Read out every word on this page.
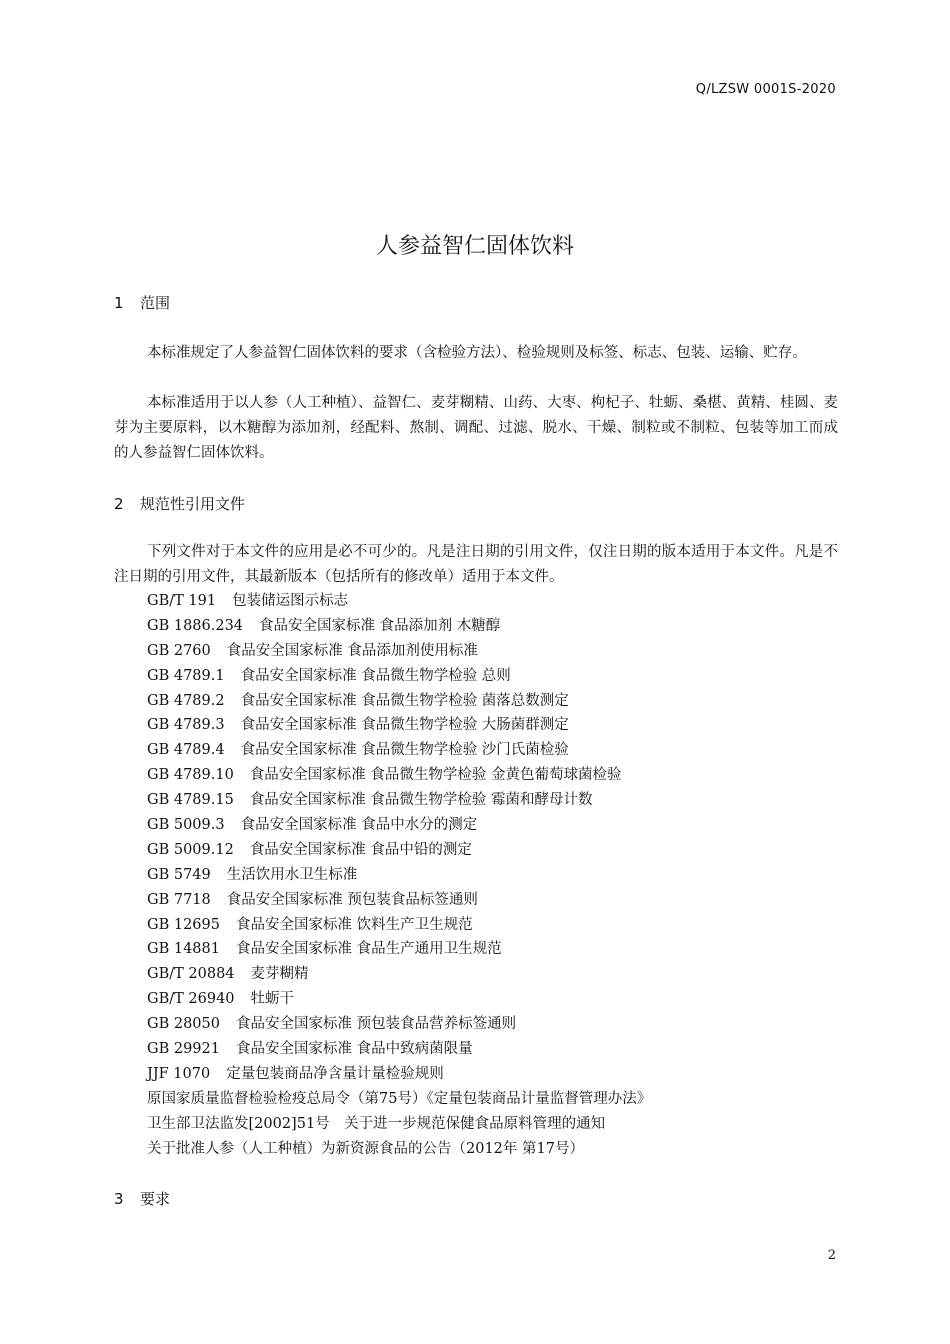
Q/LZSW 0001S-2020
人参益智仁固体饮料
1 范围

本标准规定了人参益智仁固体饮料的要求（含检验方法）、检验规则及标签、标志、包装、运输、贮存。

本标准适用于以人参（人工种植）、益智仁、麦芽糊精、山药、大枣、枸杞子、牡蛎、桑椹、黄精、桂圆、麦芽为主要原料，以木糖醇为添加剂，经配料、熬制、调配、过滤、脱水、干燥、制粒或不制粒、包装等加工而成的人参益智仁固体饮料。

2 规范性引用文件

下列文件对于本文件的应用是必不可少的。凡是注日期的引用文件，仅注日期的版本适用于本文件。凡是不注日期的引用文件，其最新版本（包括所有的修改单）适用于本文件。

GB/T 191 包装储运图示标志
GB 1886.234 食品安全国家标准 食品添加剂 木糖醇
GB 2760 食品安全国家标准 食品添加剂使用标准
GB 4789.1 食品安全国家标准 食品微生物学检验 总则
GB 4789.2 食品安全国家标准 食品微生物学检验 菌落总数测定
GB 4789.3 食品安全国家标准 食品微生物学检验 大肠菌群测定
GB 4789.4 食品安全国家标准 食品微生物学检验 沙门氏菌检验
GB 4789.10 食品安全国家标准 食品微生物学检验 金黄色葡萄球菌检验
GB 4789.15 食品安全国家标准 食品微生物学检验 霉菌和酵母计数
GB 5009.3 食品安全国家标准 食品中水分的测定
GB 5009.12 食品安全国家标准 食品中铅的测定
GB 5749 生活饮用水卫生标准
GB 7718 食品安全国家标准 预包装食品标签通则
GB 12695 食品安全国家标准 饮料生产卫生规范
GB 14881 食品安全国家标准 食品生产通用卫生规范
GB/T 20884 麦芽糊精
GB/T 26940 牡蛎干
GB 28050 食品安全国家标准 预包装食品营养标签通则
GB 29921 食品安全国家标准 食品中致病菌限量
JJF 1070 定量包装商品净含量计量检验规则
原国家质量监督检验检疫总局令（第75号）《定量包装商品计量监督管理办法》
卫生部卫法监发[2002]51号　关于进一步规范保健食品原料管理的通知
关于批准人参（人工种植）为新资源食品的公告（2012年 第17号）
3 要求
2
